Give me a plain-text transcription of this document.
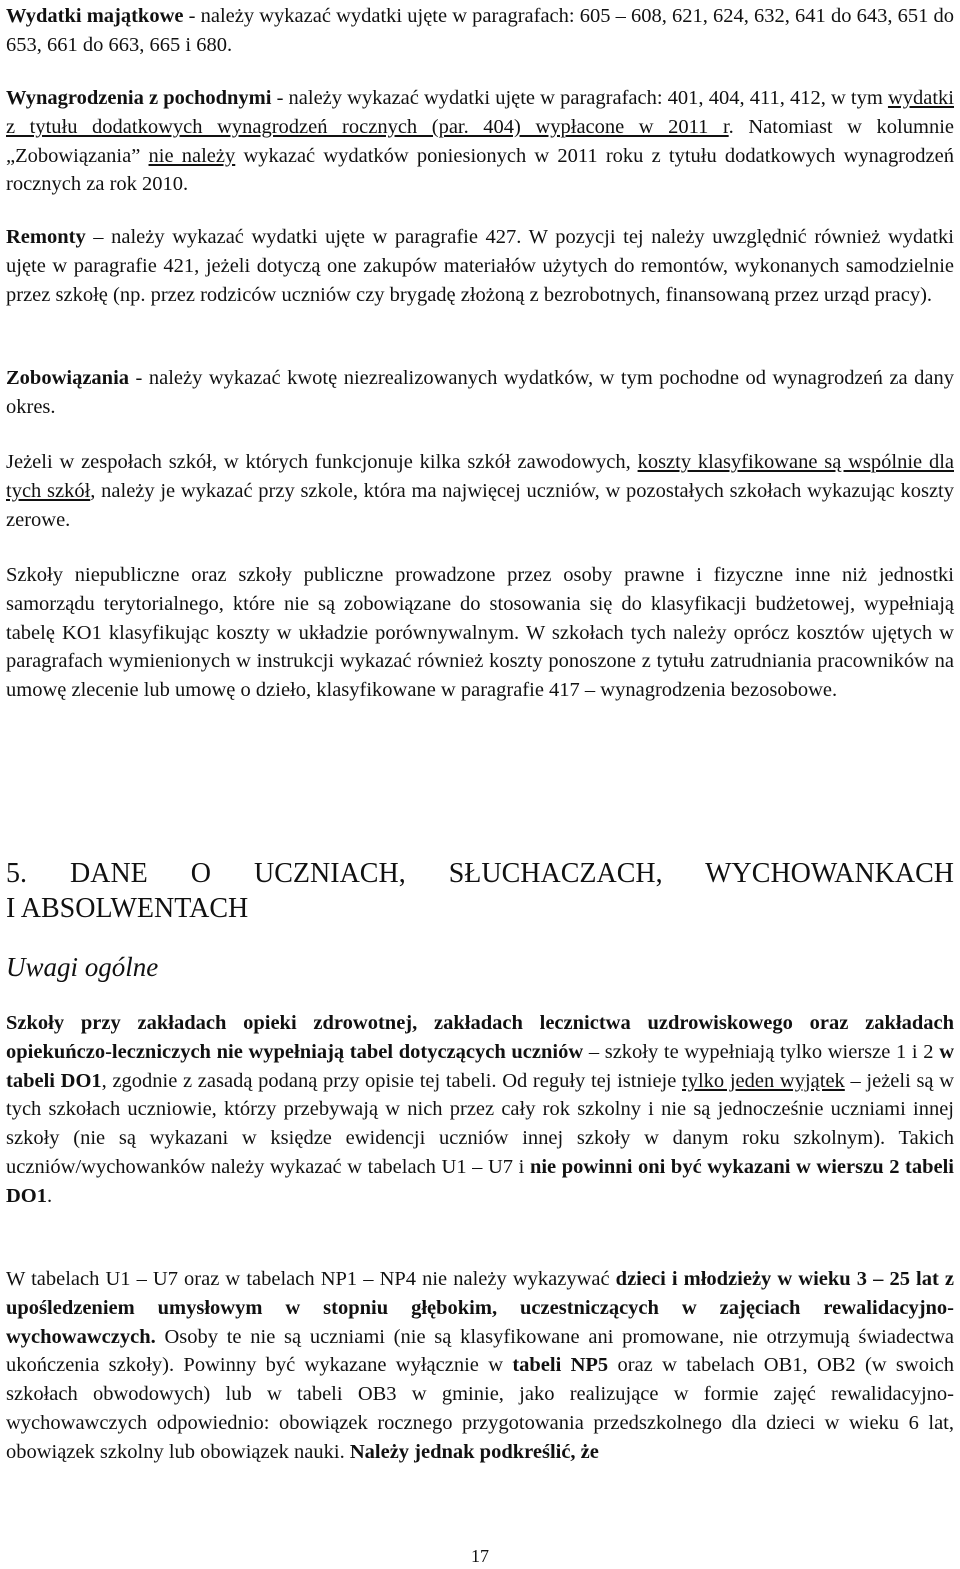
Wydatki majątkowe - należy wykazać wydatki ujęte w paragrafach: 605 – 608, 621, 624, 632, 641 do 643, 651 do 653, 661 do 663, 665 i 680.

Wynagrodzenia z pochodnymi - należy wykazać wydatki ujęte w paragrafach: 401, 404, 411, 412, w tym wydatki z tytułu dodatkowych wynagrodzeń rocznych (par. 404) wypłacone w 2011 r. Natomiast w kolumnie „Zobowiązania” nie należy wykazać wydatków poniesionych w 2011 roku z tytułu dodatkowych wynagrodzeń rocznych za rok 2010.

Remonty – należy wykazać wydatki ujęte w paragrafie 427. W pozycji tej należy uwzględnić również wydatki ujęte w paragrafie 421, jeżeli dotyczą one zakupów materiałów użytych do remontów, wykonanych samodzielnie przez szkołę (np. przez rodziców uczniów czy brygadę złożoną z bezrobotnych, finansowaną przez urząd pracy).

Zobowiązania - należy wykazać kwotę niezrealizowanych wydatków, w tym pochodne od wynagrodzeń za dany okres.

Jeżeli w zespołach szkół, w których funkcjonuje kilka szkół zawodowych, koszty klasyfikowane są wspólnie dla tych szkół, należy je wykazać przy szkole, która ma najwięcej uczniów, w pozostałych szkołach wykazując koszty zerowe.

Szkoły niepubliczne oraz szkoły publiczne prowadzone przez osoby prawne i fizyczne inne niż jednostki samorządu terytorialnego, które nie są zobowiązane do stosowania się do klasyfikacji budżetowej, wypełniają tabelę KO1 klasyfikując koszty w układzie porównywalnym. W szkołach tych należy oprócz kosztów ujętych w paragrafach wymienionych w instrukcji wykazać również koszty ponoszone z tytułu zatrudniania pracowników na umowę zlecenie lub umowę o dzieło, klasyfikowane w paragrafie 417 – wynagrodzenia bezosobowe.

5. DANE O UCZNIACH, SŁUCHACZACH, WYCHOWANKACH
I ABSOLWENTACH
Uwagi ogólne

Szkoły przy zakładach opieki zdrowotnej, zakładach lecznictwa uzdrowiskowego oraz zakładach opiekuńczo-leczniczych nie wypełniają tabel dotyczących uczniów – szkoły te wypełniają tylko wiersze 1 i 2 w tabeli DO1, zgodnie z zasadą podaną przy opisie tej tabeli. Od reguły tej istnieje tylko jeden wyjątek – jeżeli są w tych szkołach uczniowie, którzy przebywają w nich przez cały rok szkolny i nie są jednocześnie uczniami innej szkoły (nie są wykazani w księdze ewidencji uczniów innej szkoły w danym roku szkolnym). Takich uczniów/wychowanków należy wykazać w tabelach U1 – U7 i nie powinni oni być wykazani w wierszu 2 tabeli DO1.

W tabelach U1 – U7 oraz w tabelach NP1 – NP4 nie należy wykazywać dzieci i młodzieży w wieku 3 – 25 lat z upośledzeniem umysłowym w stopniu głębokim, uczestniczących w zajęciach rewalidacyjno-wychowawczych. Osoby te nie są uczniami (nie są klasyfikowane ani promowane, nie otrzymują świadectwa ukończenia szkoły). Powinny być wykazane wyłącznie w tabeli NP5 oraz w tabelach OB1, OB2 (w swoich szkołach obwodowych) lub w tabeli OB3 w gminie, jako realizujące w formie zajęć rewalidacyjno-wychowawczych odpowiednio: obowiązek rocznego przygotowania przedszkolnego dla dzieci w wieku 6 lat, obowiązek szkolny lub obowiązek nauki. Należy jednak podkreślić, że

17
